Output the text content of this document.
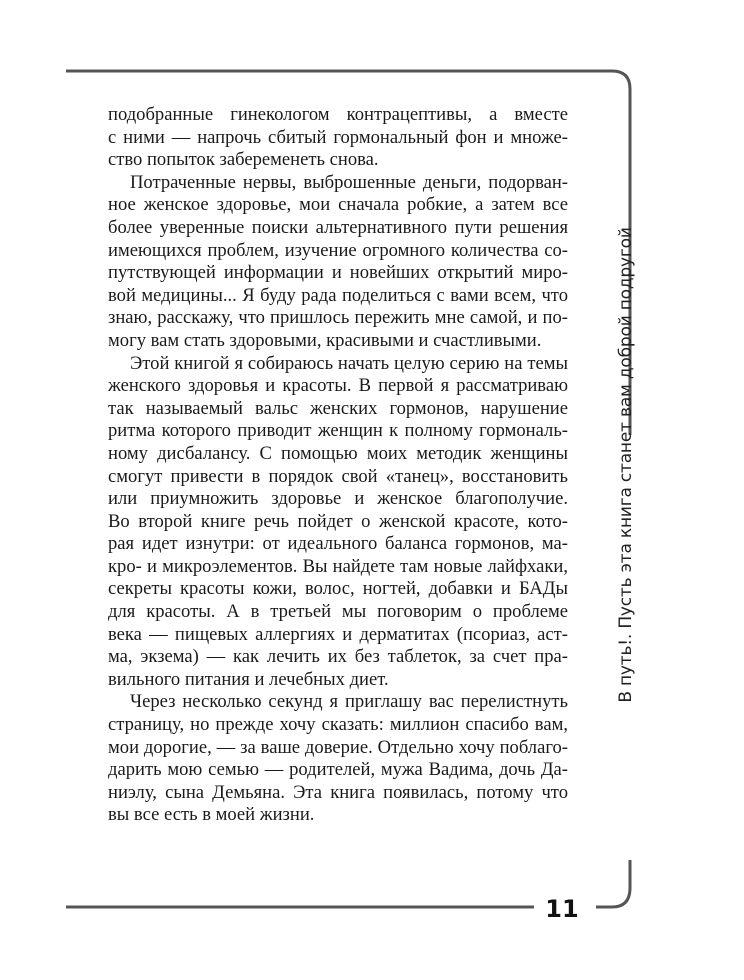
подобранные гинекологом контрацептивы, а вместе
с ними — напрочь сбитый гормональный фон и множе-
ство попыток забеременеть снова.
Потраченные нервы, выброшенные деньги, подорван-
ное женское здоровье, мои сначала робкие, а затем все
более уверенные поиски альтернативного пути решения
имеющихся проблем, изучение огромного количества со-
путствующей информации и новейших открытий миро-
вой медицины... Я буду рада поделиться с вами всем, что
знаю, расскажу, что пришлось пережить мне самой, и по-
могу вам стать здоровыми, красивыми и счастливыми.
Этой книгой я собираюсь начать целую серию на темы
женского здоровья и красоты. В первой я рассматриваю
так называемый вальс женских гормонов, нарушение
ритма которого приводит женщин к полному гормональ-
ному дисбалансу. С помощью моих методик женщины
смогут привести в порядок свой «танец», восстановить
или приумножить здоровье и женское благополучие.
Во второй книге речь пойдет о женской красоте, кото-
рая идет изнутри: от идеального баланса гормонов, ма-
кро- и микроэлементов. Вы найдете там новые лайфхаки,
секреты красоты кожи, волос, ногтей, добавки и БАДы
для красоты. А в третьей мы поговорим о проблеме
века — пищевых аллергиях и дерматитах (псориаз, аст-
ма, экзема) — как лечить их без таблеток, за счет пра-
вильного питания и лечебных диет.
Через несколько секунд я приглашу вас перелистнуть
страницу, но прежде хочу сказать: миллион спасибо вам,
мои дорогие, — за ваше доверие. Отдельно хочу поблаго-
дарить мою семью — родителей, мужа Вадима, дочь Да-
ниэлу, сына Демьяна. Эта книга появилась, потому что
вы все есть в моей жизни.
В путь!. Пусть эта книга станет вам доброй подругой
11
